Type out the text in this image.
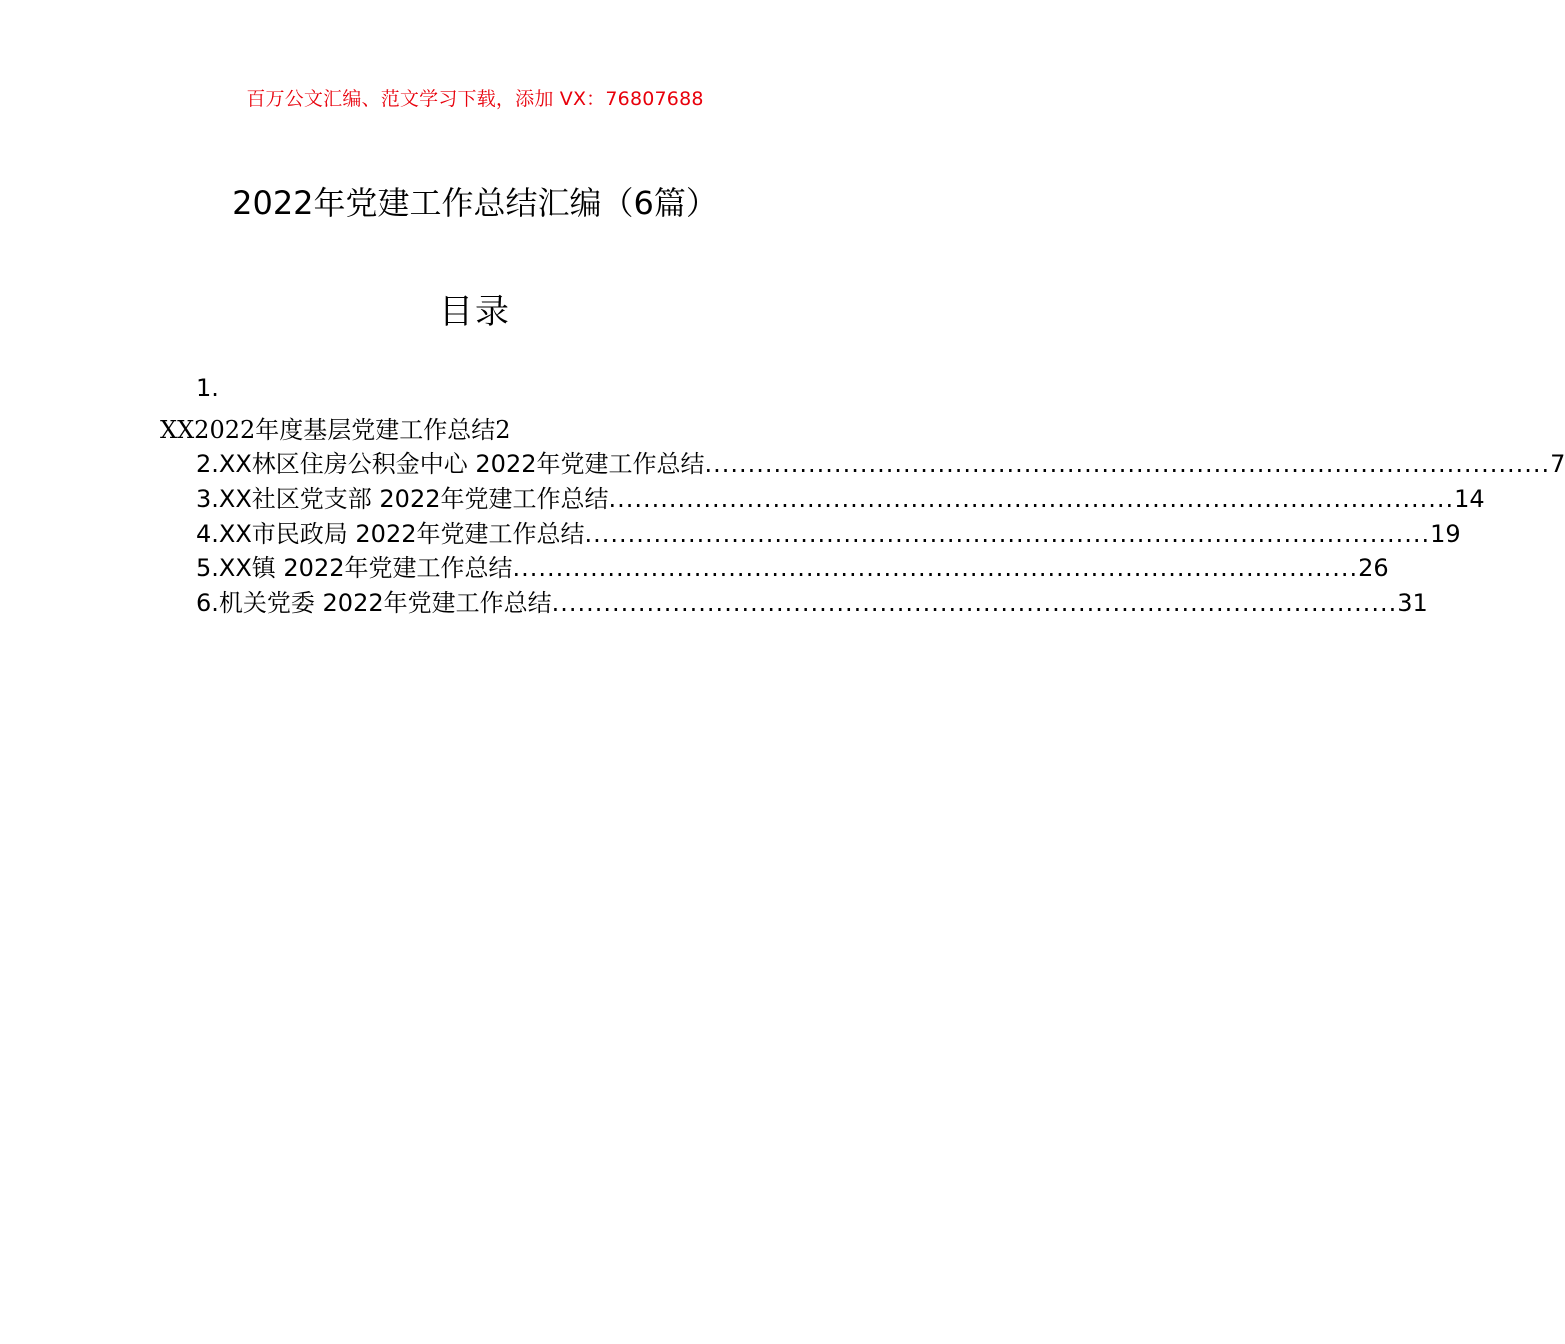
百万公文汇编、范文学习下载，添加 VX：76807688
2022年党建工作总结汇编（6篇）
目录
1.
XX2022年度基层党建工作总结2
2.XX林区住房公积金中心 2022年党建工作总结 .................................................................................................. 7
3.XX社区党支部 2022年党建工作总结 .................................................................................................. 14
4.XX市民政局 2022年党建工作总结 .................................................................................................. 19
5.XX镇 2022年党建工作总结 .................................................................................................. 26
6.机关党委 2022年党建工作总结 .................................................................................................. 31
